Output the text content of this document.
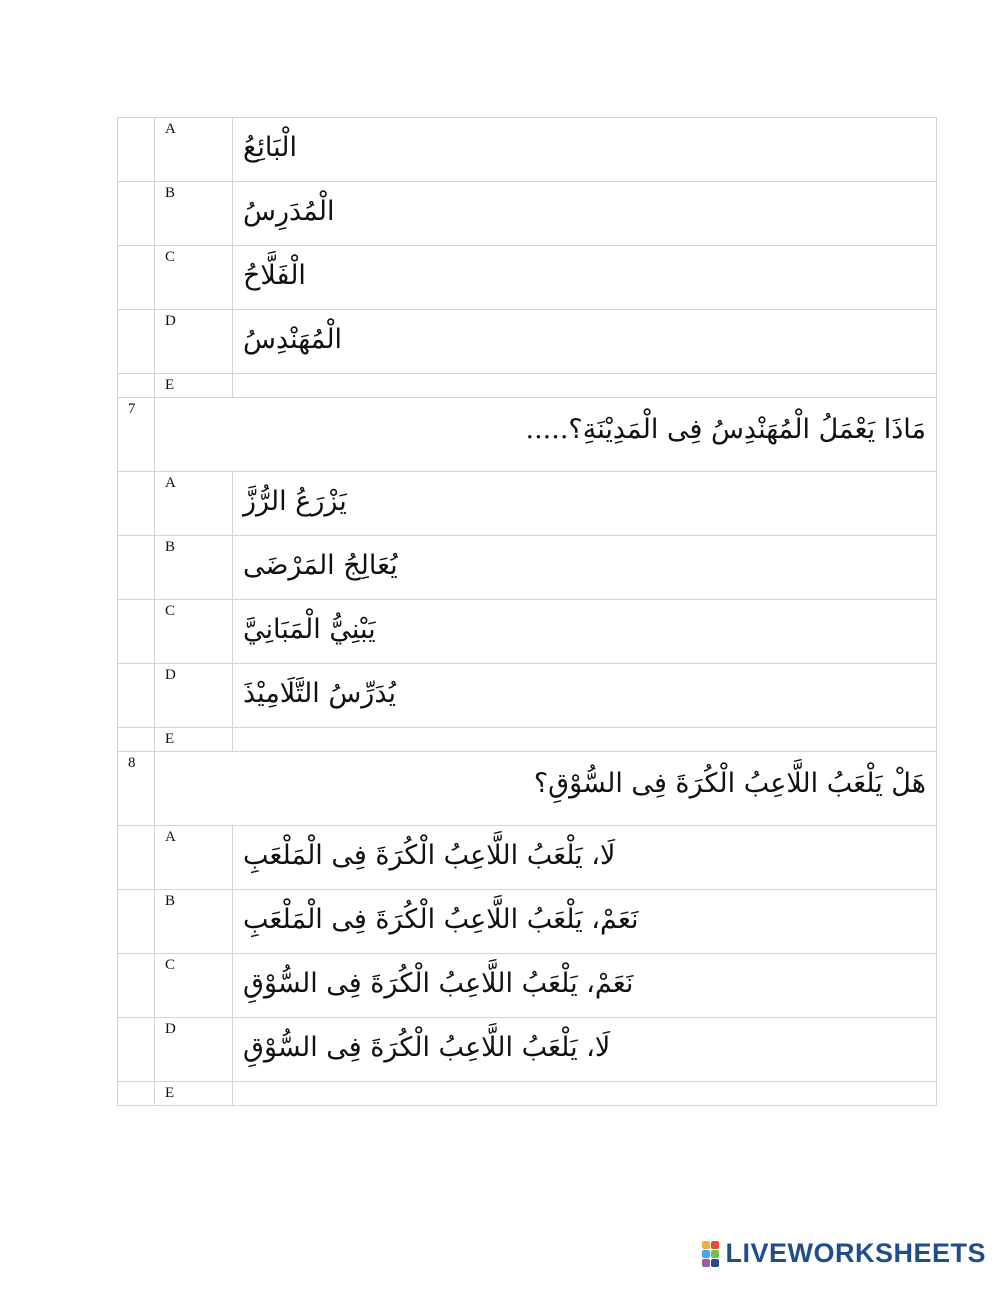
	A	الْبَائِعُ

	B	الْمُدَرِسُ

	C	الْفَلَّاحُ

	D	الْمُهَنْدِسُ

	E	

7	مَاذَا يَعْمَلُ الْمُهَنْدِسُ فِى الْمَدِيْنَةِ؟.....	

	A	يَزْرَعُ الرُّزَّ

	B	يُعَالِجُ المَرْضَى

	C	يَبْنِيُّ الْمَبَانِيَّ

	D	يُدَرِّسُ التَّلَامِيْذَ

	E	

8	هَلْ يَلْعَبُ اللَّاعِبُ الْكُرَةَ فِى السُّوْقِ؟	

	A	لَا، يَلْعَبُ اللَّاعِبُ الْكُرَةَ فِى الْمَلْعَبِ

	B	نَعَمْ، يَلْعَبُ اللَّاعِبُ الْكُرَةَ فِى الْمَلْعَبِ

	C	نَعَمْ، يَلْعَبُ اللَّاعِبُ الْكُرَةَ فِى السُّوْقِ

	D	لَا، يَلْعَبُ اللَّاعِبُ الْكُرَةَ فِى السُّوْقِ

	E	

LIVEWORKSHEETS
